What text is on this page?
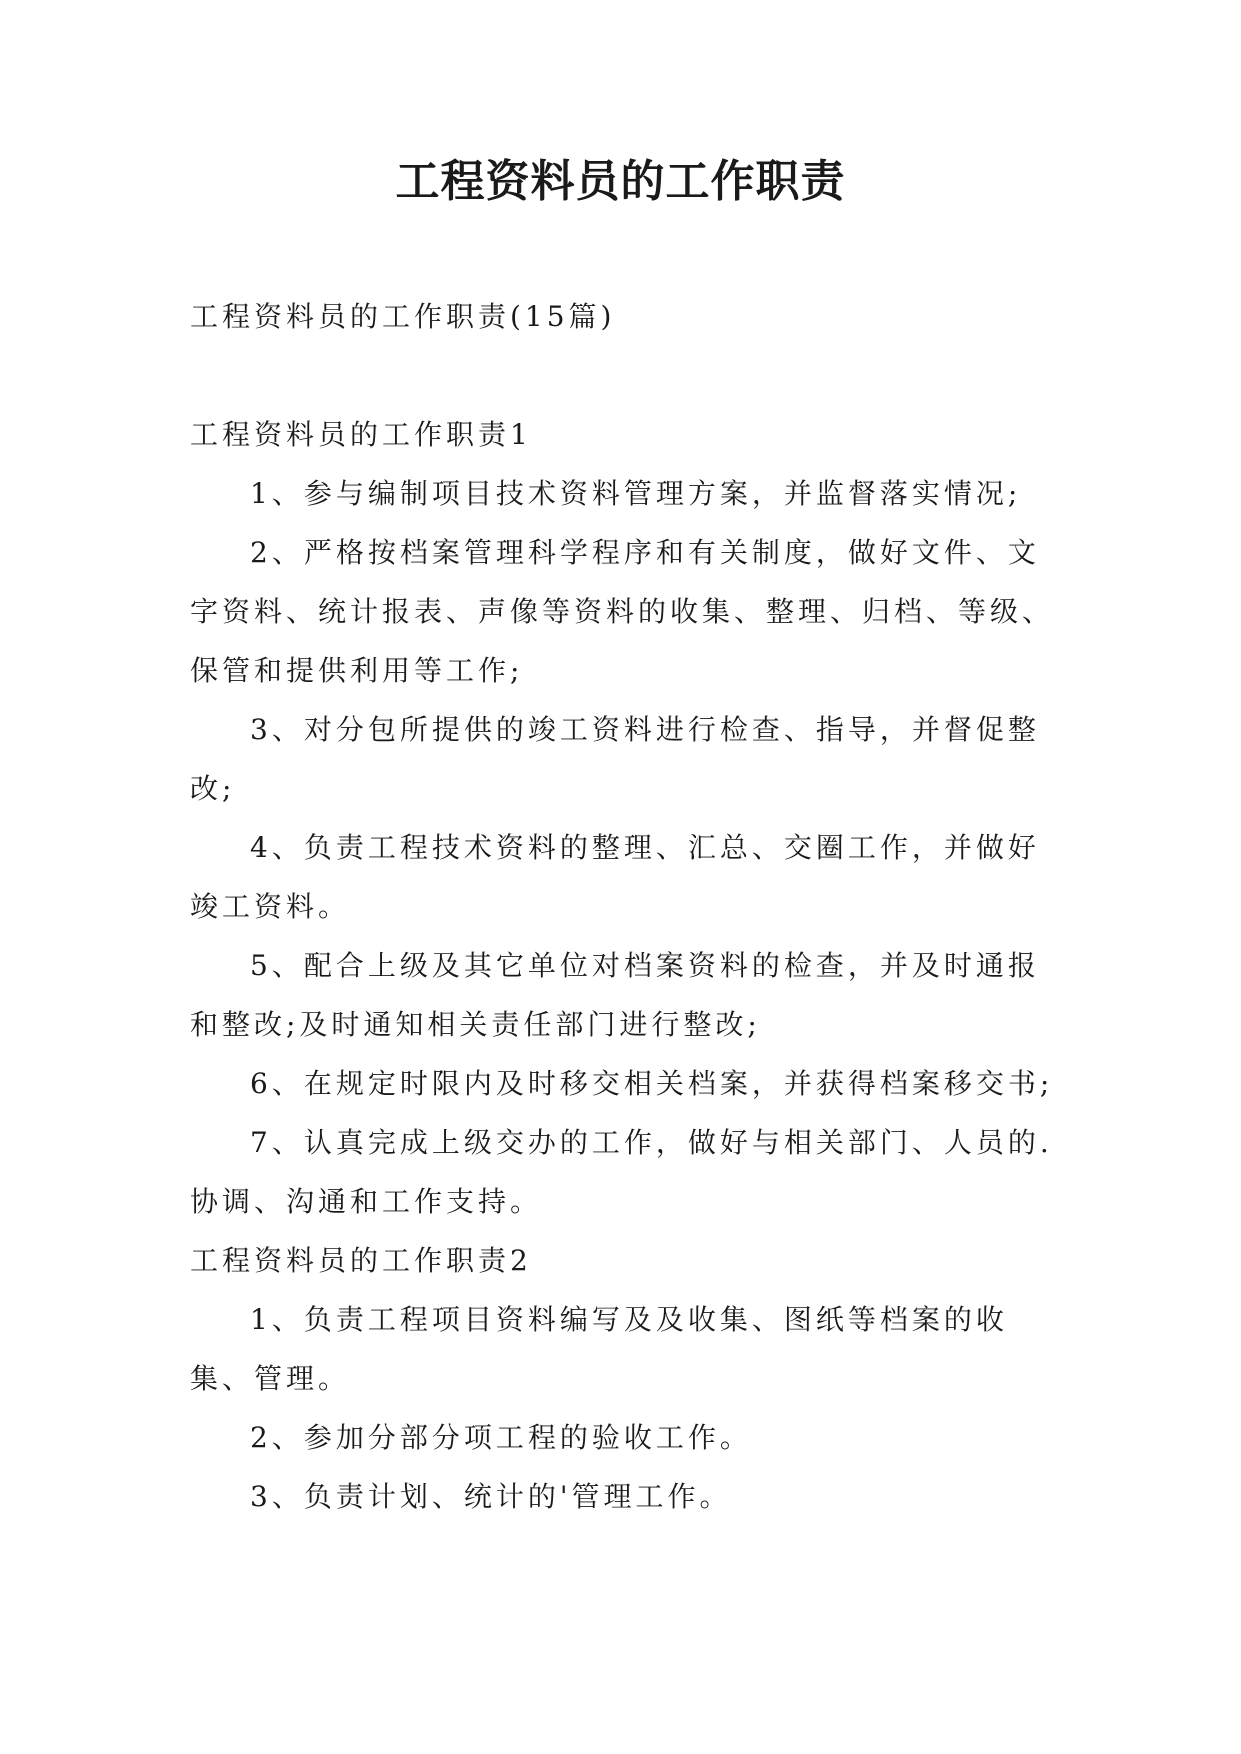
工程资料员的工作职责

工程资料员的工作职责(15篇)

工程资料员的工作职责1

1、参与编制项目技术资料管理方案，并监督落实情况;

2、严格按档案管理科学程序和有关制度，做好文件、文字资料、统计报表、声像等资料的收集、整理、归档、等级、保管和提供利用等工作;

3、对分包所提供的竣工资料进行检查、指导，并督促整改;

4、负责工程技术资料的整理、汇总、交圈工作，并做好竣工资料。

5、配合上级及其它单位对档案资料的检查，并及时通报和整改;及时通知相关责任部门进行整改;

6、在规定时限内及时移交相关档案，并获得档案移交书;

7、认真完成上级交办的工作，做好与相关部门、人员的.协调、沟通和工作支持。

工程资料员的工作职责2

1、负责工程项目资料编写及及收集、图纸等档案的收集、管理。

2、参加分部分项工程的验收工作。

3、负责计划、统计的'管理工作。
